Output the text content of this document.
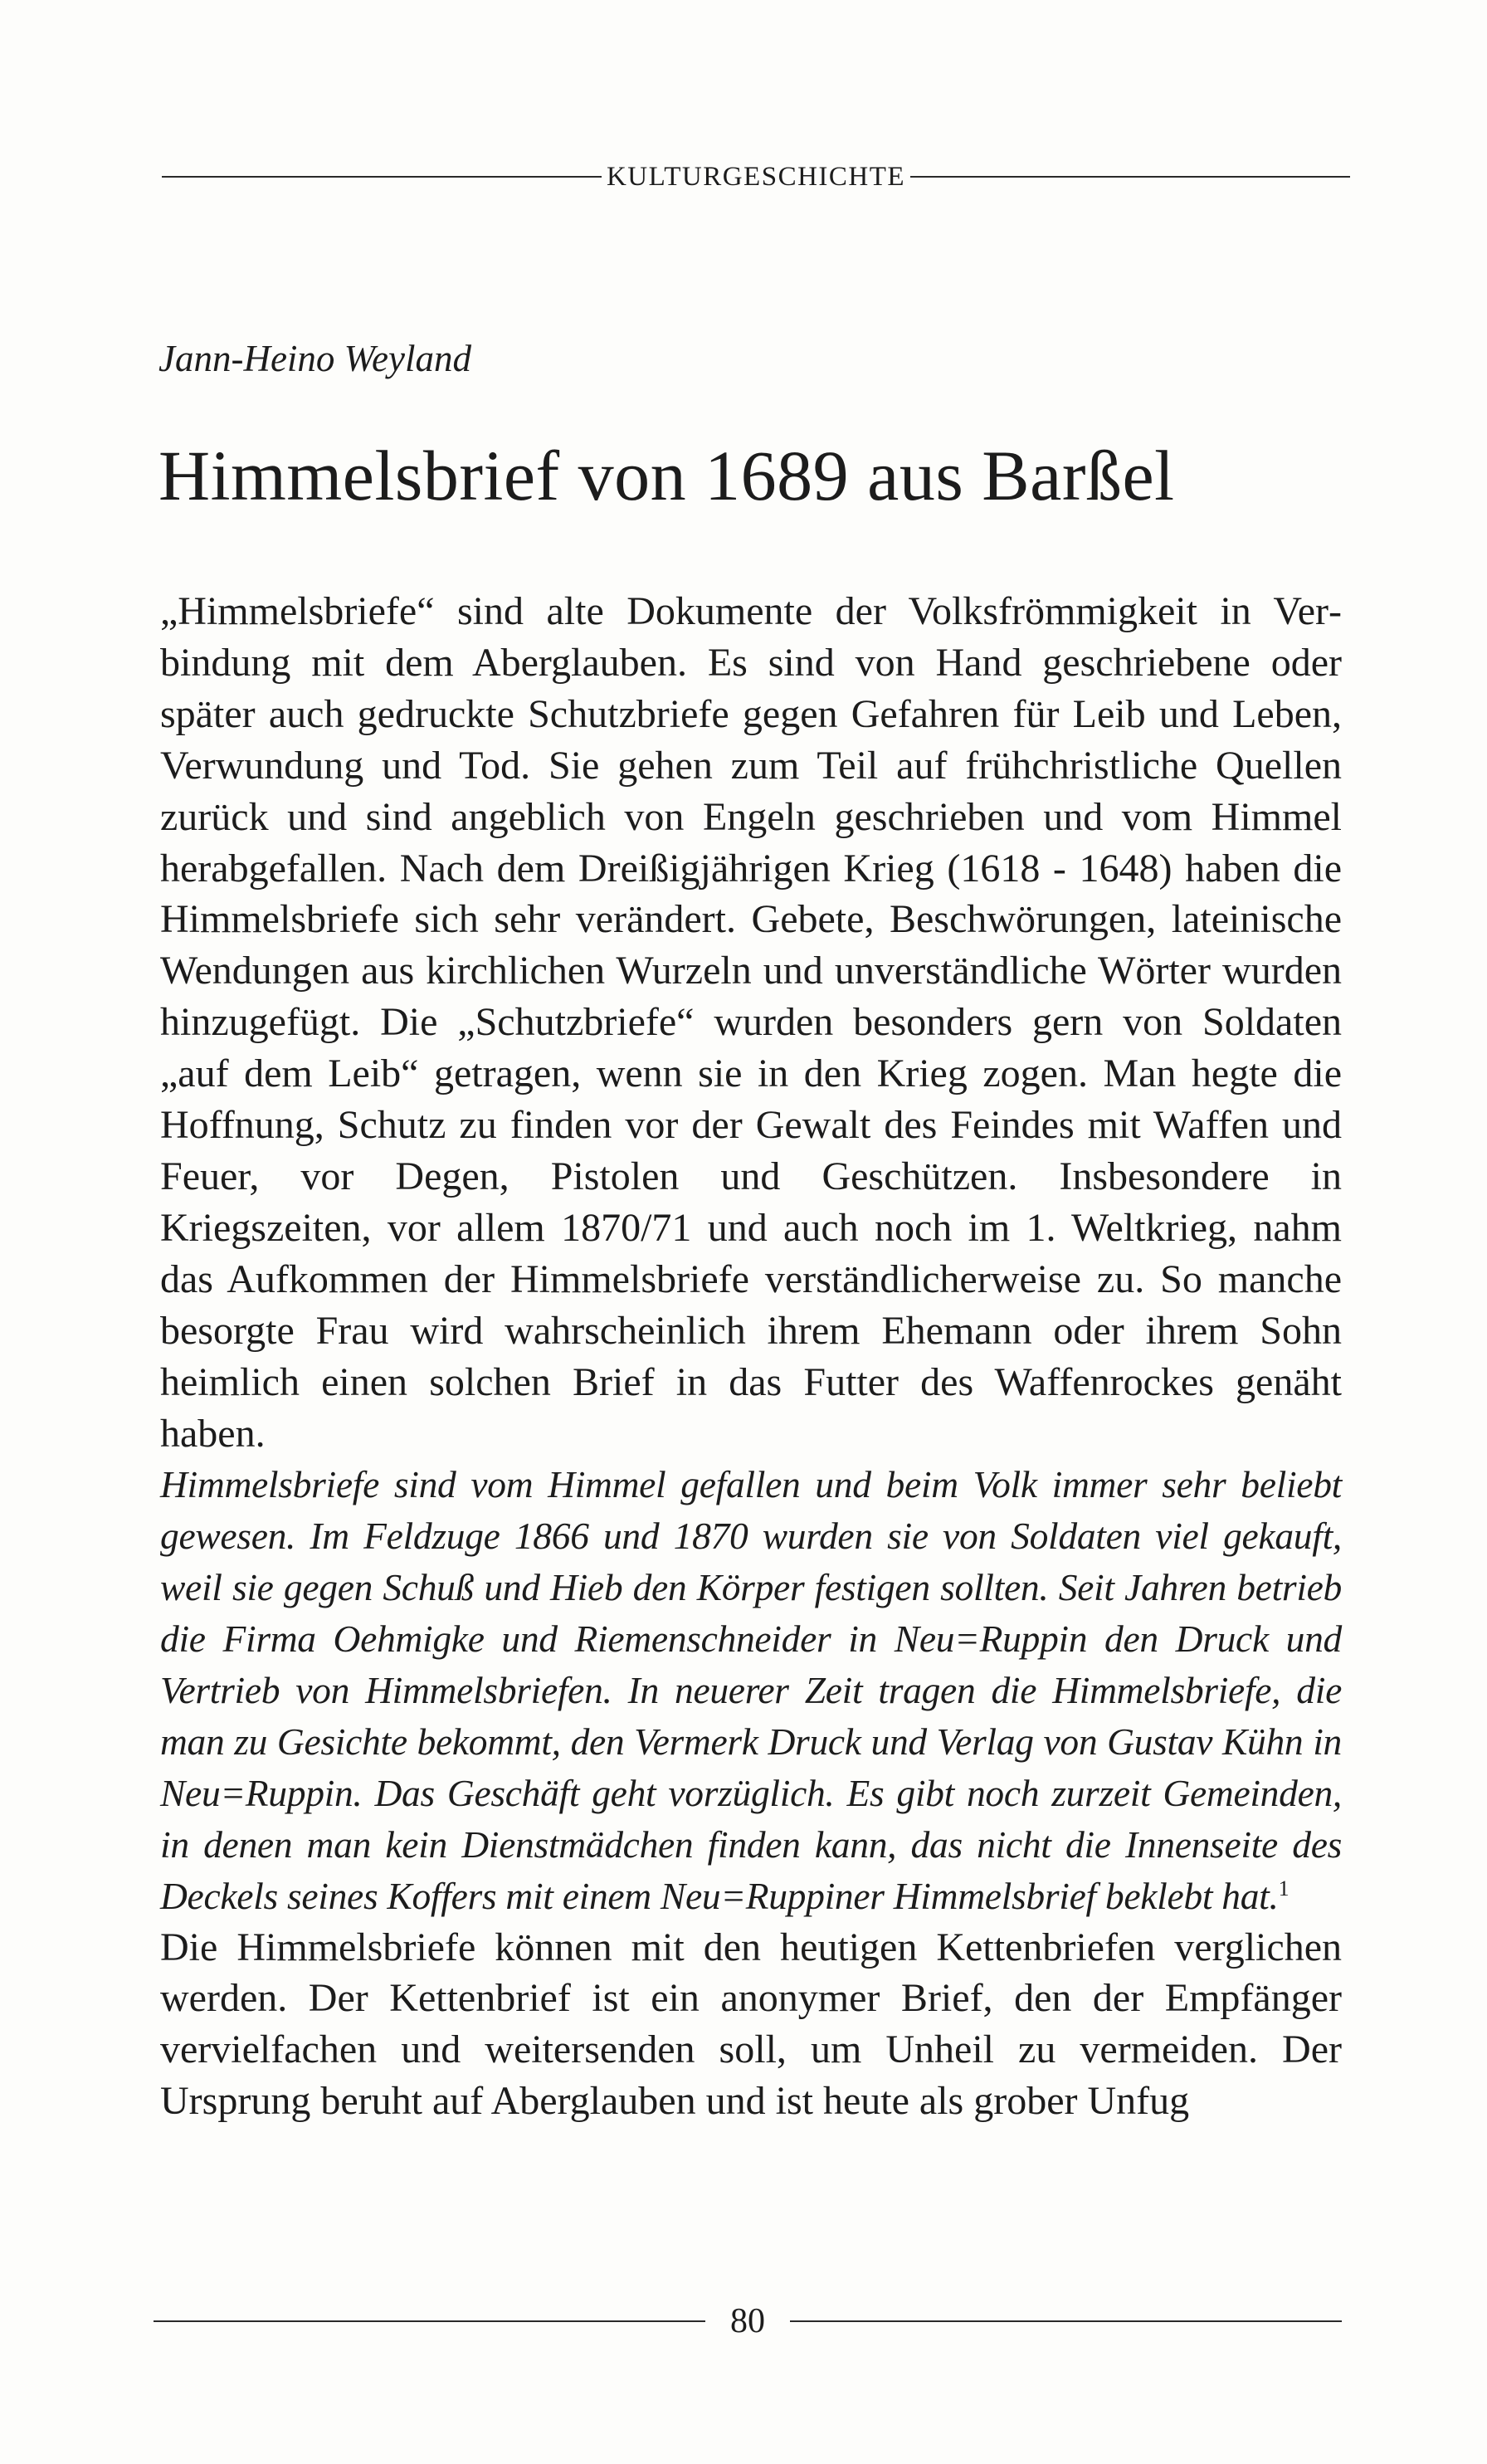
KULTURGESCHICHTE
Jann-Heino Weyland
Himmelsbrief von 1689 aus Barßel

„Himmelsbriefe“ sind alte Dokumente der Volksfrömmigkeit in Verbindung mit dem Aberglauben. Es sind von Hand geschriebene oder später auch gedruckte Schutzbriefe gegen Gefahren für Leib und Leben, Verwundung und Tod. Sie gehen zum Teil auf frühchristliche Quellen zurück und sind angeblich von Engeln geschrieben und vom Himmel herabgefallen. Nach dem Dreißigjährigen Krieg (1618 - 1648) haben die Himmelsbriefe sich sehr verändert. Gebete, Beschwörungen, lateinische Wendungen aus kirchlichen Wurzeln und unverständliche Wörter wurden hinzugefügt. Die „Schutzbriefe“ wurden besonders gern von Soldaten „auf dem Leib“ getragen, wenn sie in den Krieg zogen. Man hegte die Hoffnung, Schutz zu finden vor der Gewalt des Feindes mit Waffen und Feuer, vor Degen, Pistolen und Geschützen. Insbesondere in Kriegszeiten, vor allem 1870/71 und auch noch im 1. Weltkrieg, nahm das Aufkommen der Himmelsbriefe verständlicherweise zu. So manche besorgte Frau wird wahrscheinlich ihrem Ehemann oder ihrem Sohn heimlich einen solchen Brief in das Futter des Waffenrockes genäht haben.

Himmelsbriefe sind vom Himmel gefallen und beim Volk immer sehr beliebt gewesen. Im Feldzuge 1866 und 1870 wurden sie von Soldaten viel gekauft, weil sie gegen Schuß und Hieb den Körper festigen sollten. Seit Jahren betrieb die Firma Oehmigke und Riemenschneider in Neu=Ruppin den Druck und Vertrieb von Himmelsbriefen. In neuerer Zeit tragen die Himmelsbriefe, die man zu Gesichte bekommt, den Vermerk Druck und Verlag von Gustav Kühn in Neu=Ruppin. Das Geschäft geht vorzüglich. Es gibt noch zurzeit Gemeinden, in denen man kein Dienstmädchen finden kann, das nicht die Innenseite des Deckels seines Koffers mit einem Neu=Ruppiner Himmelsbrief beklebt hat.$^1$

Die Himmelsbriefe können mit den heutigen Kettenbriefen verglichen werden. Der Kettenbrief ist ein anonymer Brief, den der Empfänger vervielfachen und weitersenden soll, um Unheil zu vermeiden. Der Ursprung beruht auf Aberglauben und ist heute als grober Unfug

80
